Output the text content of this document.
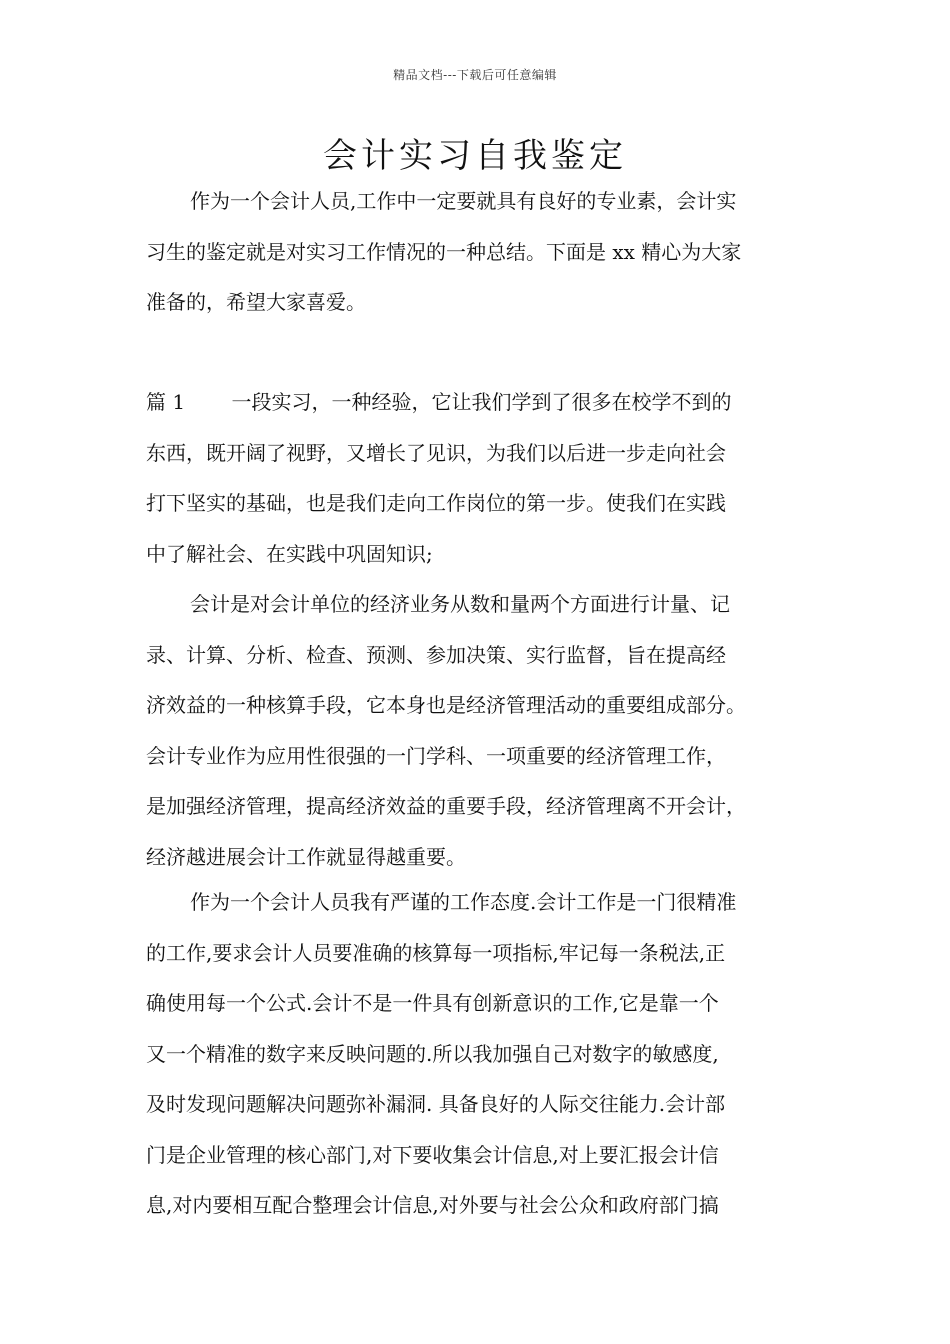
精品文档---下载后可任意编辑
会计实习自我鉴定
作为一个会计人员,工作中一定要就具有良好的专业素，会计实
习生的鉴定就是对实习工作情况的一种总结。下面是 xx 精心为大家
准备的，希望大家喜爱。
篇 1　　 一段实习，一种经验，它让我们学到了很多在校学不到的
东西，既开阔了视野，又增长了见识，为我们以后进一步走向社会
打下坚实的基础，也是我们走向工作岗位的第一步。使我们在实践
中了解社会、在实践中巩固知识;
会计是对会计单位的经济业务从数和量两个方面进行计量、记
录、计算、分析、检查、预测、参加决策、实行监督，旨在提高经
济效益的一种核算手段，它本身也是经济管理活动的重要组成部分。
会计专业作为应用性很强的一门学科、一项重要的经济管理工作，
是加强经济管理，提高经济效益的重要手段，经济管理离不开会计，
经济越进展会计工作就显得越重要。
作为一个会计人员我有严谨的工作态度.会计工作是一门很精准
的工作,要求会计人员要准确的核算每一项指标,牢记每一条税法,正
确使用每一个公式.会计不是一件具有创新意识的工作,它是靠一个
又一个精准的数字来反映问题的.所以我加强自己对数字的敏感度,
及时发现问题解决问题弥补漏洞. 具备良好的人际交往能力.会计部
门是企业管理的核心部门,对下要收集会计信息,对上要汇报会计信
息,对内要相互配合整理会计信息,对外要与社会公众和政府部门搞
